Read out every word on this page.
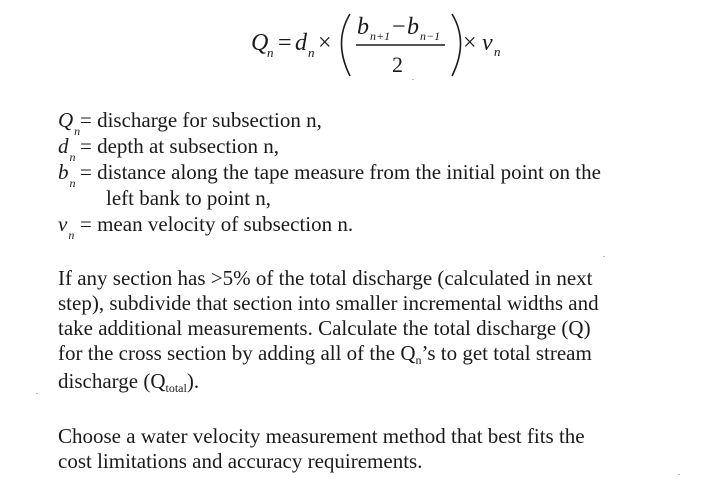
Q
n = d n ×
b n+1 − b n−1
2
× v n
$Q_n$ = discharge for subsection n,
$d_n$ = depth at subsection n,
$b_n$ = distance along the tape measure from the initial point on the
left bank to point n,
$v_n$ = mean velocity of subsection n.
If any section has >5% of the total discharge (calculated in next
step), subdivide that section into smaller incremental widths and
take additional measurements. Calculate the total discharge (Q)
for the cross section by adding all of the Qn’s to get total stream
discharge (Qtotal).
Choose a water velocity measurement method that best fits the
cost limitations and accuracy requirements.
